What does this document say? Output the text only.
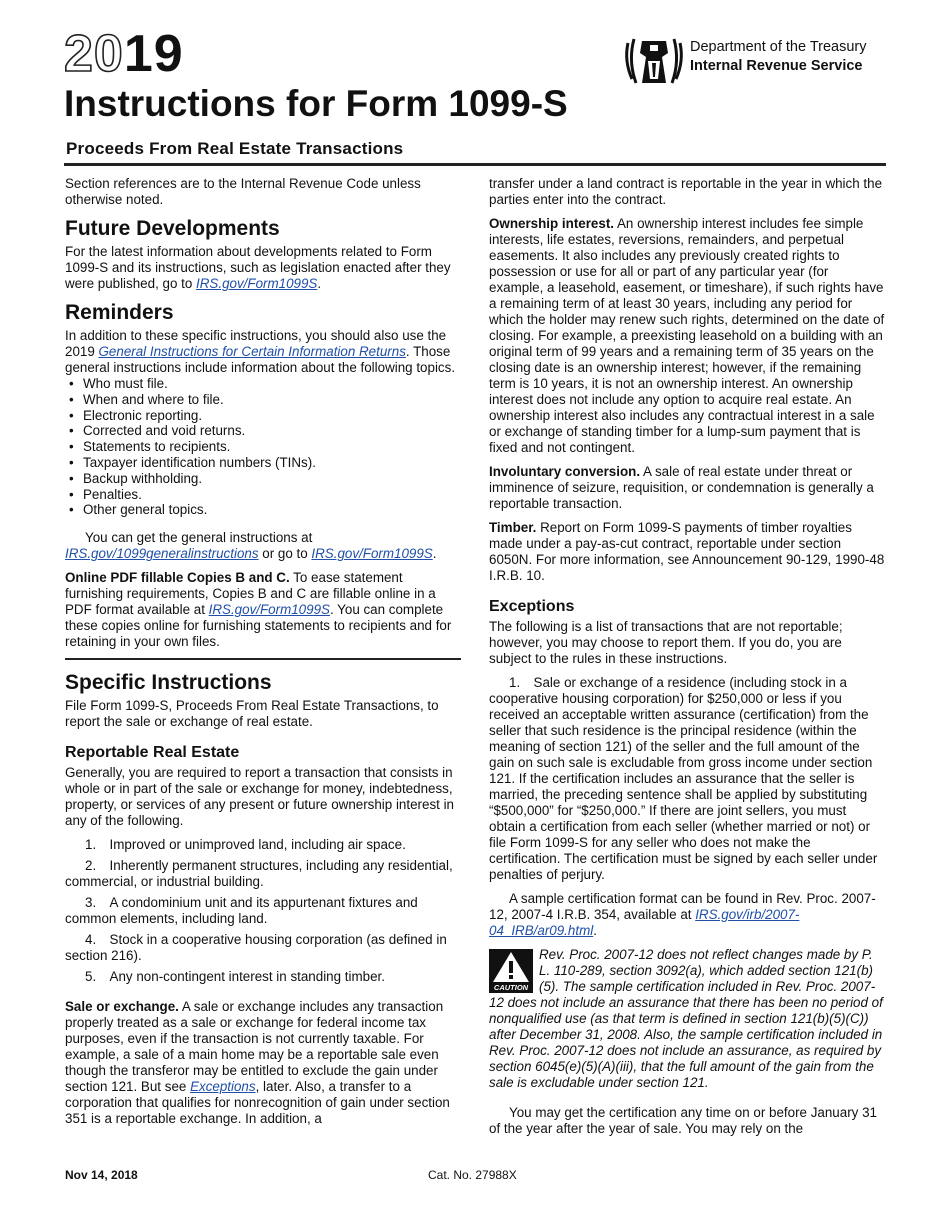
2019
Instructions for Form 1099-S
Proceeds From Real Estate Transactions
Department of the Treasury
Internal Revenue Service

Section references are to the Internal Revenue Code unless otherwise noted.

Future Developments

For the latest information about developments related to Form 1099-S and its instructions, such as legislation enacted after they were published, go to IRS.gov/Form1099S.

Reminders

In addition to these specific instructions, you should also use the 2019 General Instructions for Certain Information Returns. Those general instructions include information about the following topics.

• Who must file.
• When and where to file.
• Electronic reporting.
• Corrected and void returns.
• Statements to recipients.
• Taxpayer identification numbers (TINs).
• Backup withholding.
• Penalties.
• Other general topics.

You can get the general instructions at IRS.gov/1099generalinstructions or go to IRS.gov/Form1099S.

Online PDF fillable Copies B and C. To ease statement furnishing requirements, Copies B and C are fillable online in a PDF format available at IRS.gov/Form1099S. You can complete these copies online for furnishing statements to recipients and for retaining in your own files.

Specific Instructions

File Form 1099-S, Proceeds From Real Estate Transactions, to report the sale or exchange of real estate.

Reportable Real Estate

Generally, you are required to report a transaction that consists in whole or in part of the sale or exchange for money, indebtedness, property, or services of any present or future ownership interest in any of the following.

1. Improved or unimproved land, including air space.
2. Inherently permanent structures, including any residential, commercial, or industrial building.
3. A condominium unit and its appurtenant fixtures and common elements, including land.
4. Stock in a cooperative housing corporation (as defined in section 216).
5. Any non-contingent interest in standing timber.

Sale or exchange. A sale or exchange includes any transaction properly treated as a sale or exchange for federal income tax purposes, even if the transaction is not currently taxable. For example, a sale of a main home may be a reportable sale even though the transferor may be entitled to exclude the gain under section 121. But see Exceptions, later. Also, a transfer to a corporation that qualifies for nonrecognition of gain under section 351 is a reportable exchange. In addition, a

transfer under a land contract is reportable in the year in which the parties enter into the contract.

Ownership interest. An ownership interest includes fee simple interests, life estates, reversions, remainders, and perpetual easements. It also includes any previously created rights to possession or use for all or part of any particular year (for example, a leasehold, easement, or timeshare), if such rights have a remaining term of at least 30 years, including any period for which the holder may renew such rights, determined on the date of closing. For example, a preexisting leasehold on a building with an original term of 99 years and a remaining term of 35 years on the closing date is an ownership interest; however, if the remaining term is 10 years, it is not an ownership interest. An ownership interest does not include any option to acquire real estate. An ownership interest also includes any contractual interest in a sale or exchange of standing timber for a lump-sum payment that is fixed and not contingent.

Involuntary conversion. A sale of real estate under threat or imminence of seizure, requisition, or condemnation is generally a reportable transaction.

Timber. Report on Form 1099-S payments of timber royalties made under a pay-as-cut contract, reportable under section 6050N. For more information, see Announcement 90-129, 1990-48 I.R.B. 10.

Exceptions

The following is a list of transactions that are not reportable; however, you may choose to report them. If you do, you are subject to the rules in these instructions.

1. Sale or exchange of a residence (including stock in a cooperative housing corporation) for $250,000 or less if you received an acceptable written assurance (certification) from the seller that such residence is the principal residence (within the meaning of section 121) of the seller and the full amount of the gain on such sale is excludable from gross income under section 121. If the certification includes an assurance that the seller is married, the preceding sentence shall be applied by substituting “$500,000” for “$250,000.” If there are joint sellers, you must obtain a certification from each seller (whether married or not) or file Form 1099-S for any seller who does not make the certification. The certification must be signed by each seller under penalties of perjury.

A sample certification format can be found in Rev. Proc. 2007-12, 2007-4 I.R.B. 354, available at IRS.gov/irb/2007-04_IRB/ar09.html.

CAUTION

Rev. Proc. 2007-12 does not reflect changes made by P. L. 110-289, section 3092(a), which added section 121(b)(5). The sample certification included in Rev. Proc. 2007-12 does not include an assurance that there has been no period of nonqualified use (as that term is defined in section 121(b)(5)(C)) after December 31, 2008. Also, the sample certification included in Rev. Proc. 2007-12 does not include an assurance, as required by section 6045(e)(5)(A)(iii), that the full amount of the gain from the sale is excludable under section 121.

You may get the certification any time on or before January 31 of the year after the year of sale. You may rely on the

Nov 14, 2018	Cat. No. 27988X
